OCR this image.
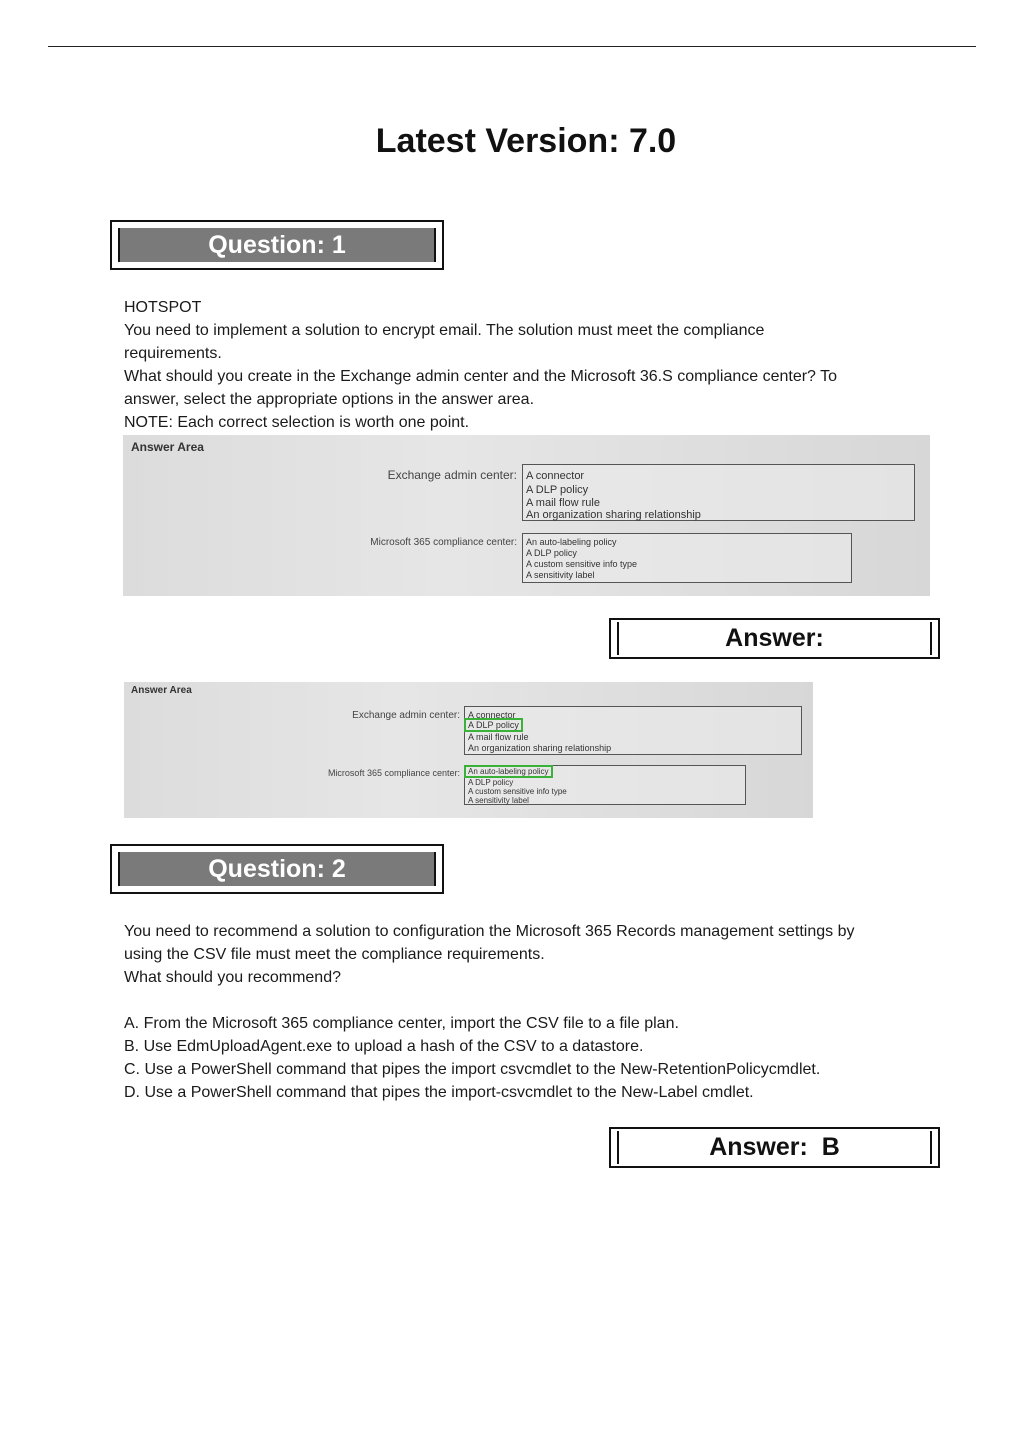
Latest Version: 7.0
Question: 1

HOTSPOT

You need to implement a solution to encrypt email. The solution must meet the compliance

requirements.

What should you create in the Exchange admin center and the Microsoft 36.S compliance center? To

answer, select the appropriate options in the answer area.

NOTE: Each correct selection is worth one point.

Answer Area
Exchange admin center: A connector
A DLP policy
A mail flow rule
An organization sharing relationship
Microsoft 365 compliance center: An auto-labeling policy
A DLP policy
A custom sensitive info type
A sensitivity label
Answer:
Answer Area
Exchange admin center: A connector
A DLP policy
A mail flow rule
An organization sharing relationship
Microsoft 365 compliance center: An auto-labeling policy
A DLP policy
A custom sensitive info type
A sensitivity label
Question: 2

You need to recommend a solution to configuration the Microsoft 365 Records management settings by

using the CSV file must meet the compliance requirements.

What should you recommend?

A. From the Microsoft 365 compliance center, import the CSV file to a file plan.

B. Use EdmUploadAgent.exe to upload a hash of the CSV to a datastore.

C. Use a PowerShell command that pipes the import csvcmdlet to the New-RetentionPolicycmdlet.

D. Use a PowerShell command that pipes the import-csvcmdlet to the New-Label cmdlet.

Answer:  B
